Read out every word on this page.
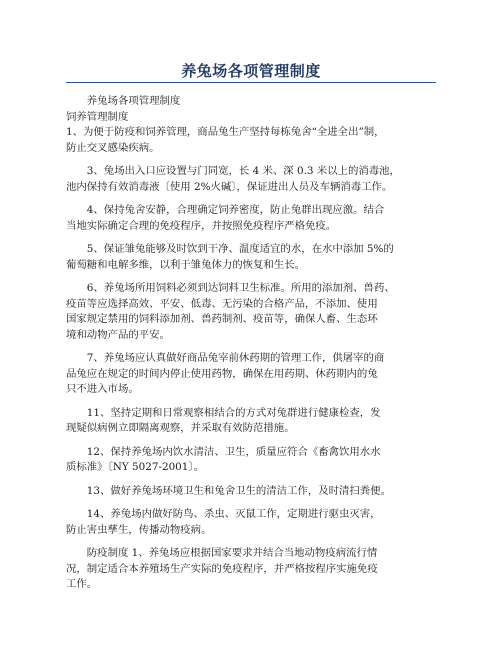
养兔场各项管理制度
养兔场各项管理制度
饲养管理制度
1、为便于防疫和饲养管理，商品兔生产坚持每栋兔舍“全进全出”制，
防止交叉感染疾病。
3、兔场出入口应设置与门同宽，长 4 米、深 0.3 米以上的消毒池，
池内保持有效消毒液〔使用 2%火碱〕，保证进出人员及车辆消毒工作。
4、保持兔舍安静，合理确定饲养密度，防止兔群出现应激。结合
当地实际确定合理的免疫程序，并按照免疫程序严格免疫。
5、保证雏兔能够及时饮到干净、温度适宜的水，在水中添加 5%的
葡萄糖和电解多维，以利于雏兔体力的恢复和生长。
6、养兔场所用饲料必须到达饲料卫生标准。所用的添加剂、兽药、
疫苗等应选择高效、平安、低毒、无污染的合格产品，不添加、使用
国家规定禁用的饲料添加剂、兽药制剂、疫苗等，确保人畜、生态环
境和动物产品的平安。
7、养兔场应认真做好商品兔宰前休药期的管理工作，供屠宰的商
品兔应在规定的时间内停止使用药物，确保在用药期、休药期内的兔
只不进入市场。
11、坚持定期和日常观察相结合的方式对兔群进行健康检查，发
现疑似病例立即隔离观察，并采取有效防范措施。
12、保持养兔场内饮水清洁、卫生，质量应符合《畜禽饮用水水
质标准》〔NY 5027-2001〕。
13、做好养兔场环境卫生和兔舍卫生的清洁工作，及时清扫粪便。
14、养兔场内做好防鸟、杀虫、灭鼠工作，定期进行驱虫灭害，
防止害虫孳生，传播动物疫病。
防疫制度 1、养兔场应根据国家要求并结合当地动物疫病流行情
况，制定适合本养殖场生产实际的免疫程序，并严格按程序实施免疫
工作。
